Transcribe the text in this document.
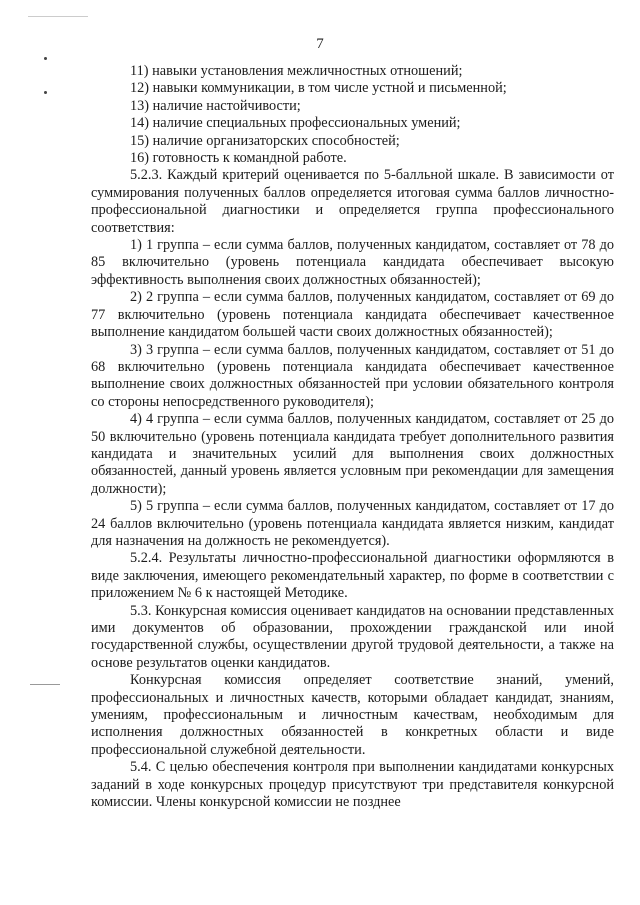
7

11) навыки установления межличностных отношений;

12) навыки коммуникации, в том числе устной и письменной;

13) наличие настойчивости;

14) наличие специальных профессиональных умений;

15) наличие организаторских способностей;

16) готовность к командной работе.

5.2.3. Каждый критерий оценивается по 5-балльной шкале. В зависимости от суммирования полученных баллов определяется итоговая сумма баллов личностно-профессиональной диагностики и определяется группа профессионального соответствия:

1) 1 группа – если сумма баллов, полученных кандидатом, составляет от 78 до 85 включительно (уровень потенциала кандидата обеспечивает высокую эффективность выполнения своих должностных обязанностей);

2) 2 группа – если сумма баллов, полученных кандидатом, составляет от 69 до 77 включительно (уровень потенциала кандидата обеспечивает качественное выполнение кандидатом большей части своих должностных обязанностей);

3) 3 группа – если сумма баллов, полученных кандидатом, составляет от 51 до 68 включительно (уровень потенциала кандидата обеспечивает качественное выполнение своих должностных обязанностей при условии обязательного контроля со стороны непосредственного руководителя);

4) 4 группа – если сумма баллов, полученных кандидатом, составляет от 25 до 50 включительно (уровень потенциала кандидата требует дополнительного развития кандидата и значительных усилий для выполнения своих должностных обязанностей, данный уровень является условным при рекомендации для замещения должности);

5) 5 группа – если сумма баллов, полученных кандидатом, составляет от 17 до 24 баллов включительно (уровень потенциала кандидата является низким, кандидат для назначения на должность не рекомендуется).

5.2.4. Результаты личностно-профессиональной диагностики оформляются в виде заключения, имеющего рекомендательный характер, по форме в соответствии с приложением № 6 к настоящей Методике.

5.3. Конкурсная комиссия оценивает кандидатов на основании представленных ими документов об образовании, прохождении гражданской или иной государственной службы, осуществлении другой трудовой деятельности, а также на основе результатов оценки кандидатов.

Конкурсная комиссия определяет соответствие знаний, умений, профессиональных и личностных качеств, которыми обладает кандидат, знаниям, умениям, профессиональным и личностным качествам, необходимым для исполнения должностных обязанностей в конкретных области и виде профессиональной служебной деятельности.

5.4. С целью обеспечения контроля при выполнении кандидатами конкурсных заданий в ходе конкурсных процедур присутствуют три представителя конкурсной комиссии. Члены конкурсной комиссии не позднее
